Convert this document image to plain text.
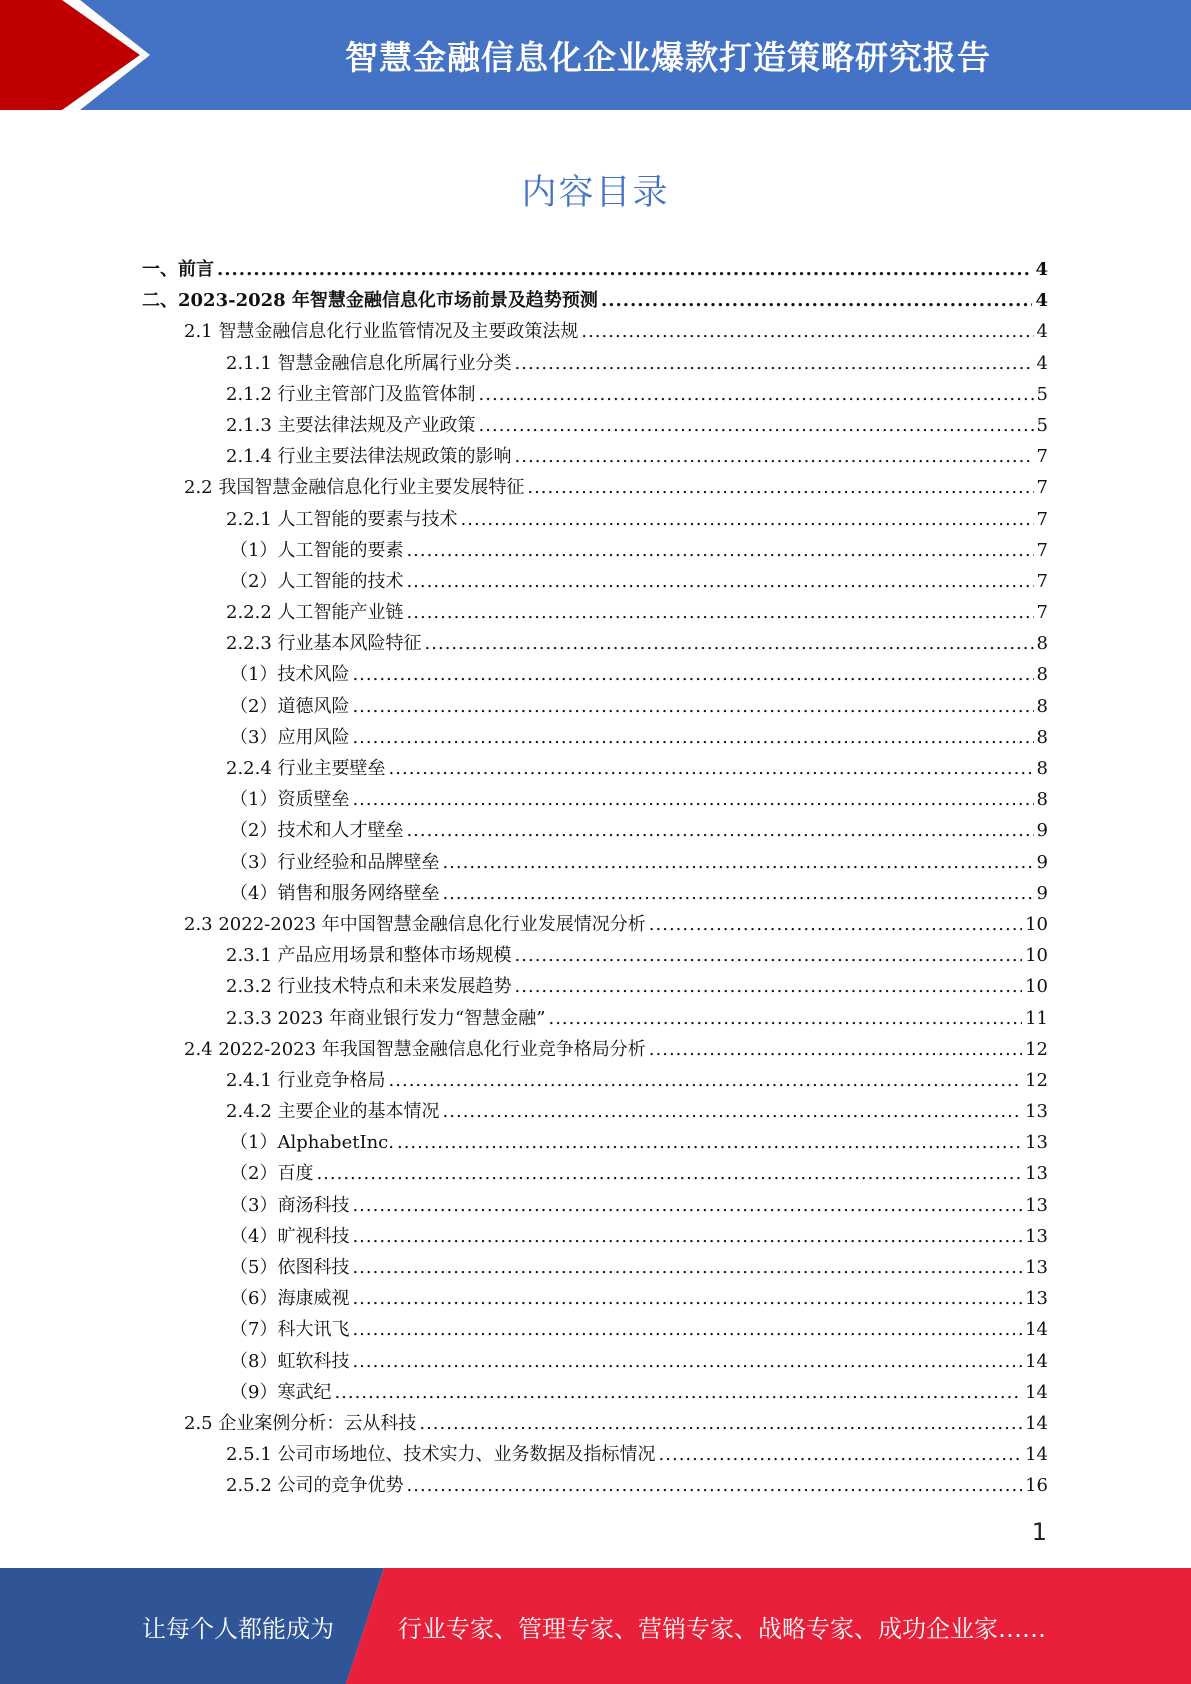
智慧金融信息化企业爆款打造策略研究报告
内容目录
一、前言 .....	4
二、2023-2028 年智慧金融信息化市场前景及趋势预测 .....	4
2.1 智慧金融信息化行业监管情况及主要政策法规 .....	4
2.1.1 智慧金融信息化所属行业分类 .....	4
2.1.2 行业主管部门及监管体制 .....	5
2.1.3 主要法律法规及产业政策 .....	5
2.1.4 行业主要法律法规政策的影响 .....	7
2.2 我国智慧金融信息化行业主要发展特征 .....	7
2.2.1 人工智能的要素与技术 .....	7
（1）人工智能的要素 .....	7
（2）人工智能的技术 .....	7
2.2.2 人工智能产业链 .....	7
2.2.3 行业基本风险特征 .....	8
（1）技术风险 .....	8
（2）道德风险 .....	8
（3）应用风险 .....	8
2.2.4 行业主要壁垒 .....	8
（1）资质壁垒 .....	8
（2）技术和人才壁垒 .....	9
（3）行业经验和品牌壁垒 .....	9
（4）销售和服务网络壁垒 .....	9
2.3 2022-2023 年中国智慧金融信息化行业发展情况分析 .....	10
2.3.1 产品应用场景和整体市场规模 .....	10
2.3.2 行业技术特点和未来发展趋势 .....	10
2.3.3 2023 年商业银行发力“智慧金融” .....	11
2.4 2022-2023 年我国智慧金融信息化行业竞争格局分析 .....	12
2.4.1 行业竞争格局 .....	12
2.4.2 主要企业的基本情况 .....	13
（1）AlphabetInc. .....	13
（2）百度 .....	13
（3）商汤科技 .....	13
（4）旷视科技 .....	13
（5）依图科技 .....	13
（6）海康威视 .....	13
（7）科大讯飞 .....	14
（8）虹软科技 .....	14
（9）寒武纪 .....	14
2.5 企业案例分析：云从科技 .....	14
2.5.1 公司市场地位、技术实力、业务数据及指标情况 .....	14
2.5.2 公司的竞争优势 .....	16
1
让每个人都能成为	行业专家、管理专家、营销专家、战略专家、成功企业家……
